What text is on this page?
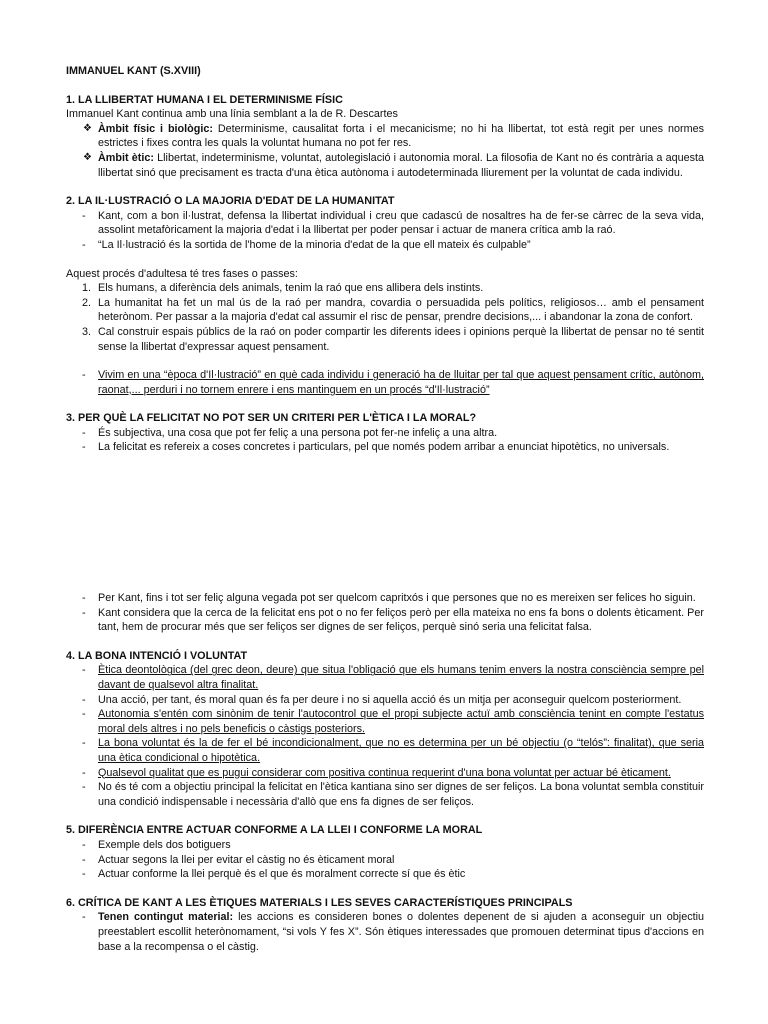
IMMANUEL KANT (S.XVIII)

1. LA LLIBERTAT HUMANA I EL DETERMINISME FÍSIC

Immanuel Kant continua amb una línia semblant a la de R. Descartes

❖ Àmbit físic i biològic: Determinisme, causalitat forta i el mecanicisme; no hi ha llibertat, tot està regit per unes normes estrictes i fixes contra les quals la voluntat humana no pot fer res.
❖ Àmbit ètic: Llibertat, indeterminisme, voluntat, autolegislació i autonomia moral. La filosofia de Kant no és contrària a aquesta llibertat sinó que precisament es tracta d'una ètica autònoma i autodeterminada lliurement per la voluntat de cada individu.

2. LA IL·LUSTRACIÓ O LA MAJORIA D'EDAT DE LA HUMANITAT

- Kant, com a bon il·lustrat, defensa la llibertat individual i creu que cadascú de nosaltres ha de fer-se càrrec de la seva vida, assolint metafòricament la majoria d'edat i la llibertat per poder pensar i actuar de manera crítica amb la raó.
- “La Il·lustració és la sortida de l'home de la minoria d'edat de la que ell mateix és culpable”

Aquest procés d'adultesa té tres fases o passes:

1. Els humans, a diferència dels animals, tenim la raó que ens allibera dels instints.
2. La humanitat ha fet un mal ús de la raó per mandra, covardia o persuadida pels polítics, religiosos… amb el pensament heterònom. Per passar a la majoria d'edat cal assumir el risc de pensar, prendre decisions,... i abandonar la zona de confort.
3. Cal construir espais públics de la raó on poder compartir les diferents idees i opinions perquè la llibertat de pensar no té sentit sense la llibertat d'expressar aquest pensament.
- Vivim en una “època d'Il·lustració” en què cada individu i generació ha de lluitar per tal que aquest pensament crític, autònom, raonat,... perduri i no tornem enrere i ens mantinguem en un procés “d'Il·lustració”

3. PER QUÈ LA FELICITAT NO POT SER UN CRITERI PER L'ÈTICA I LA MORAL?

- És subjectiva, una cosa que pot fer feliç a una persona pot fer-ne infeliç a una altra.
- La felicitat es refereix a coses concretes i particulars, pel que només podem arribar a enunciat hipotètics, no universals.
- Per Kant, fins i tot ser feliç alguna vegada pot ser quelcom capritxós i que persones que no es mereixen ser felices ho siguin.
- Kant considera que la cerca de la felicitat ens pot o no fer feliços però per ella mateixa no ens fa bons o dolents èticament. Per tant, hem de procurar més que ser feliços ser dignes de ser feliços, perquè sinó seria una felicitat falsa.

4. LA BONA INTENCIÓ I VOLUNTAT

- Ètica deontològica (del grec deon, deure) que situa l'obligació que els humans tenim envers la nostra consciència sempre pel davant de qualsevol altra finalitat.
- Una acció, per tant, és moral quan és fa per deure i no si aquella acció és un mitja per aconseguir quelcom posteriorment.
- Autonomia s'entén com sinònim de tenir l'autocontrol que el propi subjecte actuï amb consciència tenint en compte l'estatus moral dels altres i no pels beneficis o càstigs posteriors.
- La bona voluntat és la de fer el bé incondicionalment, que no es determina per un bé objectiu (o “telós”: finalitat), que seria una ètica condicional o hipotètica.
- Qualsevol qualitat que es pugui considerar com positiva continua requerint d'una bona voluntat per actuar bé èticament.
- No és té com a objectiu principal la felicitat en l'ètica kantiana sino ser dignes de ser feliços. La bona voluntat sembla constituir una condició indispensable i necessària d'allò que ens fa dignes de ser feliços.

5. DIFERÈNCIA ENTRE ACTUAR CONFORME A LA LLEI I CONFORME LA MORAL

- Exemple dels dos botiguers
- Actuar segons la llei per evitar el càstig no és èticament moral
- Actuar conforme la llei perquè és el que és moralment correcte sí que és ètic

6. CRÍTICA DE KANT A LES ÈTIQUES MATERIALS I LES SEVES CARACTERÍSTIQUES PRINCIPALS

- Tenen contingut material: les accions es consideren bones o dolentes depenent de si ajuden a aconseguir un objectiu preestablert escollit heterònomament, “si vols Y fes X”. Són ètiques interessades que promouen determinat tipus d'accions en base a la recompensa o el càstig.
